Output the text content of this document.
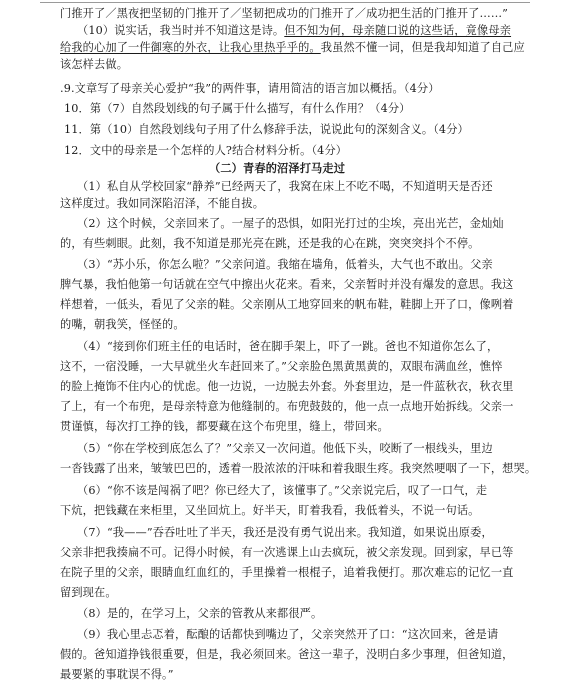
门推开了／黑夜把坚韧的门推开了／坚韧把成功的门推开了／成功把生活的门推开了……”
（10）说实话，我当时并不知道这是诗。但不知为何，母亲随口说的这些话，竟像母亲
给我的心加了一件御寒的外衣，让我心里热乎乎的。我虽然不懂一词，但是我却知道了自己应
该怎样去做。
.9.文章写了母亲关心爱护“我”的两件事，请用简洁的语言加以概括。（4分）
10．第（7）自然段划线的句子属于什么描写，有什么作用？（4分）
11．第（10）自然段划线句子用了什么修辞手法，说说此句的深刻含义。（4分）
12．文中的母亲是一个怎样的人?结合材料分析。（4分）
（二）青春的沼泽打马走过
（1）私自从学校回家“静养”已经两天了，我窝在床上不吃不喝，不知道明天是否还
这样度过。我如同深陷沼泽，不能自拔。
（2）这个时候，父亲回来了。一屋子的恐惧，如阳光打过的尘埃，亮出光芒，金灿灿
的，有些刺眼。此刻，我不知道是那光亮在跳，还是我的心在跳，突突突抖个不停。
（3）“苏小乐，你怎么啦？”父亲问道。我缩在墙角，低着头，大气也不敢出。父亲
脾气暴，我怕他第一句话就在空气中擦出火花来。看来，父亲暂时并没有爆发的意思。我这
样想着，一低头，看见了父亲的鞋。父亲刚从工地穿回来的帆布鞋，鞋脚上开了口，像咧着
的嘴，朝我笑，怪怪的。
（4）“接到你们班主任的电话时，爸在脚手架上，吓了一跳。爸也不知道你怎么了，
这不，一宿没睡，一大早就坐火车赶回来了。”父亲脸色黑黄黑黄的，双眼布满血丝，憔悴
的脸上掩饰不住内心的忧虑。他一边说，一边脱去外套。外套里边，是一件蓝秋衣，秋衣里
了上，有一个布兜，是母亲特意为他缝制的。布兜鼓鼓的，他一点一点地开始拆线。父亲一
贯谨慎，每次打工挣的钱，都要藏在这个布兜里，缝上，带回来。
（5）“你在学校到底怎么了？”父亲又一次问道。他低下头，咬断了一根线头，里边
一沓钱露了出来，皱皱巴巴的，透着一股浓浓的汗味和着我眼生疼。我突然哽咽了一下，想哭。
（6）“你不该是闯祸了吧？你已经大了，该懂事了。”父亲说完后，叹了一口气，走
下炕，把钱藏在来柜里，又坐回炕上。好半天，盯着我看，我低着头，不说一句话。
（7）“我——”吞吞吐吐了半天，我还是没有勇气说出来。我知道，如果说出原委，
父亲非把我揍扁不可。记得小时候，有一次逃课上山去疯玩，被父亲发现。回到家，早已等
在院子里的父亲，眼睛血红血红的，手里操着一根棍子，追着我便打。那次难忘的记忆一直
留到现在。
（8）是的，在学习上，父亲的管教从来都很严。
（9）我心里忐忑着，酝酿的话都快到嘴边了，父亲突然开了口：“这次回来，爸是请
假的。爸知道挣钱很重要，但是，我必须回来。爸这一辈子，没明白多少事理，但爸知道，
最要紧的事耽误不得。”
